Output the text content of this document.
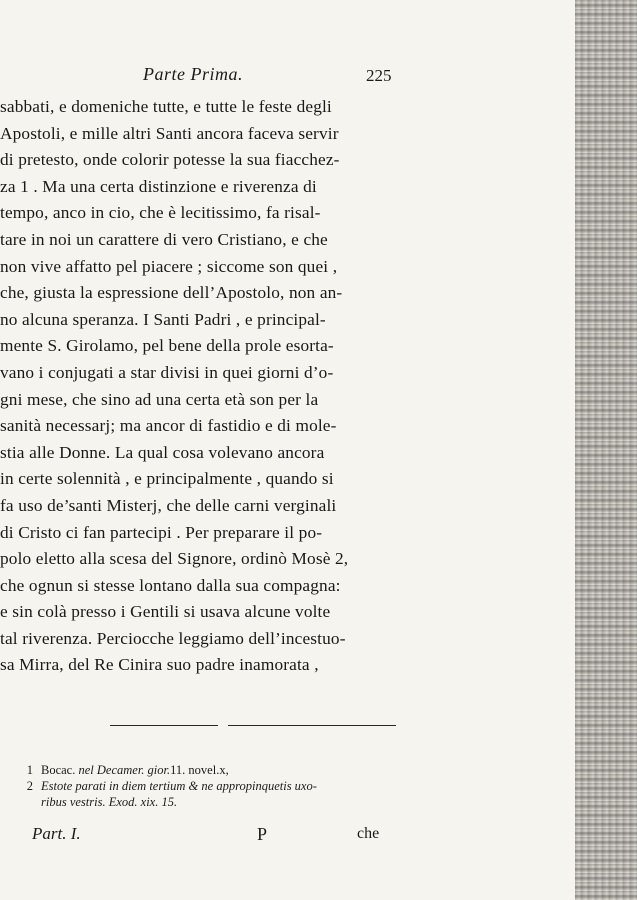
Parte Prima.	225
sabbati, e domeniche tutte, e tutte le feste degli
Apostoli, e mille altri Santi ancora faceva servir
di pretesto, onde colorir potesse la sua fiacchez-
za 1 . Ma una certa distinzione e riverenza di
tempo, anco in cio, che è lecitissimo, fa risal-
tare in noi un carattere di vero Cristiano, e che
non vive affatto pel piacere ; siccome son quei ,
che, giusta la espressione dell’Apostolo, non an-
no alcuna speranza. I Santi Padri , e principal-
mente S. Girolamo, pel bene della prole esorta-
vano i conjugati a star divisi in quei giorni d’o-
gni mese, che sino ad una certa età son per la
sanità necessarj; ma ancor di fastidio e di mole-
stia alle Donne. La qual cosa volevano ancora
in certe solennità , e principalmente , quando si
fa uso de’santi Misterj, che delle carni verginali
di Cristo ci fan partecipi . Per preparare il po-
polo eletto alla scesa del Signore, ordinò Mosè 2,
che ognun si stesse lontano dalla sua compagna:
e sin colà presso i Gentili si usava alcune volte
tal riverenza. Perciocche leggiamo dell’incestuo-
sa Mirra, del Re Cinira suo padre inamorata ,
1 Bocac. nel Decamer. gior.11. novel.x,
2 Estote parati in diem tertium & ne appropinquetis uxo-
ribus vestris. Exod. xix. 15.
Part. I.	P	che
